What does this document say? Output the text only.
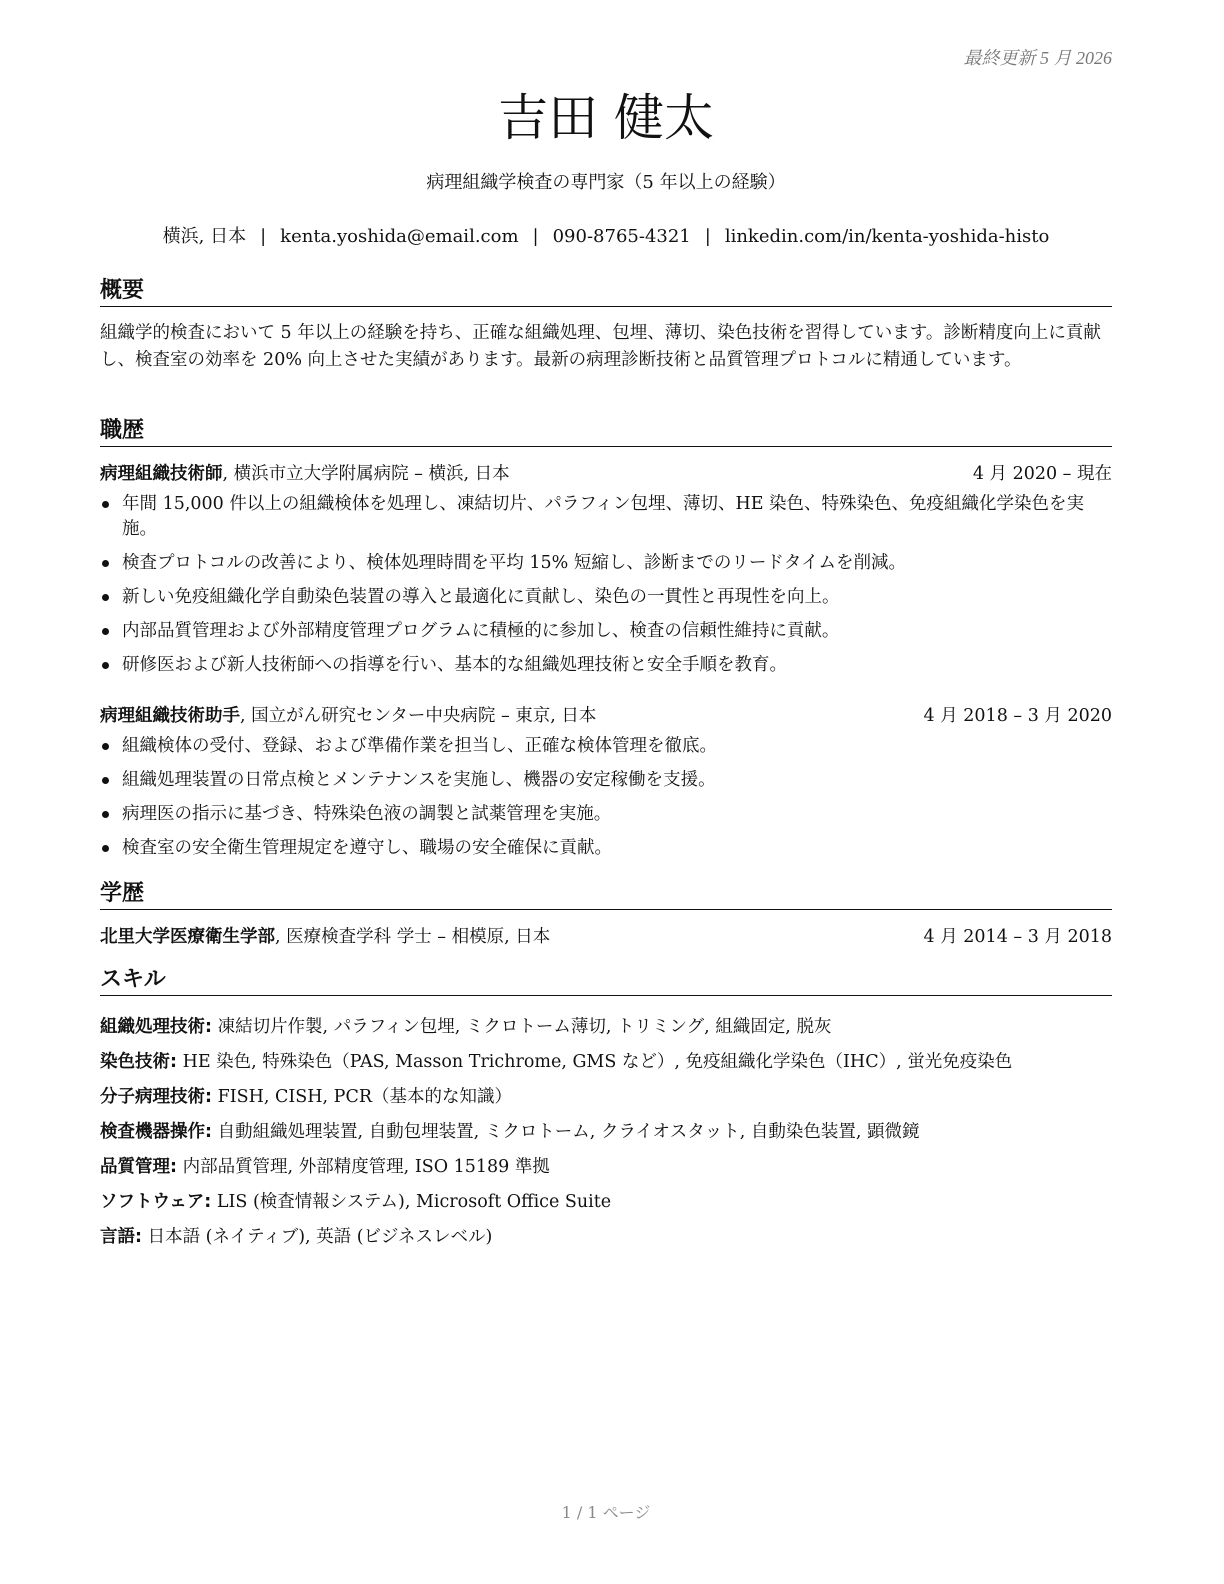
最終更新 5 月 2026
吉田 健太
病理組織学検査の専門家（5 年以上の経験）
横浜, 日本 | kenta.yoshida@email.com | 090-8765-4321 | linkedin.com/in/kenta-yoshida-histo
概要
組織学的検査において 5 年以上の経験を持ち、正確な組織処理、包埋、薄切、染色技術を習得しています。診断精度向上に貢献し、検査室の効率を 20% 向上させた実績があります。最新の病理診断技術と品質管理プロトコルに精通しています。
職歴
病理組織技術師, 横浜市立大学附属病院 – 横浜, 日本	4 月 2020 – 現在
年間 15,000 件以上の組織検体を処理し、凍結切片、パラフィン包埋、薄切、HE 染色、特殊染色、免疫組織化学染色を実施。
検査プロトコルの改善により、検体処理時間を平均 15% 短縮し、診断までのリードタイムを削減。
新しい免疫組織化学自動染色装置の導入と最適化に貢献し、染色の一貫性と再現性を向上。
内部品質管理および外部精度管理プログラムに積極的に参加し、検査の信頼性維持に貢献。
研修医および新人技術師への指導を行い、基本的な組織処理技術と安全手順を教育。
病理組織技術助手, 国立がん研究センター中央病院 – 東京, 日本	4 月 2018 – 3 月 2020
組織検体の受付、登録、および準備作業を担当し、正確な検体管理を徹底。
組織処理装置の日常点検とメンテナンスを実施し、機器の安定稼働を支援。
病理医の指示に基づき、特殊染色液の調製と試薬管理を実施。
検査室の安全衛生管理規定を遵守し、職場の安全確保に貢献。
学歴
北里大学医療衛生学部, 医療検査学科 学士 – 相模原, 日本	4 月 2014 – 3 月 2018
スキル
組織処理技術: 凍結切片作製, パラフィン包埋, ミクロトーム薄切, トリミング, 組織固定, 脱灰
染色技術: HE 染色, 特殊染色（PAS, Masson Trichrome, GMS など）, 免疫組織化学染色（IHC）, 蛍光免疫染色
分子病理技術: FISH, CISH, PCR（基本的な知識）
検査機器操作: 自動組織処理装置, 自動包埋装置, ミクロトーム, クライオスタット, 自動染色装置, 顕微鏡
品質管理: 内部品質管理, 外部精度管理, ISO 15189 準拠
ソフトウェア: LIS (検査情報システム), Microsoft Office Suite
言語: 日本語 (ネイティブ), 英語 (ビジネスレベル)
1 / 1 ページ
